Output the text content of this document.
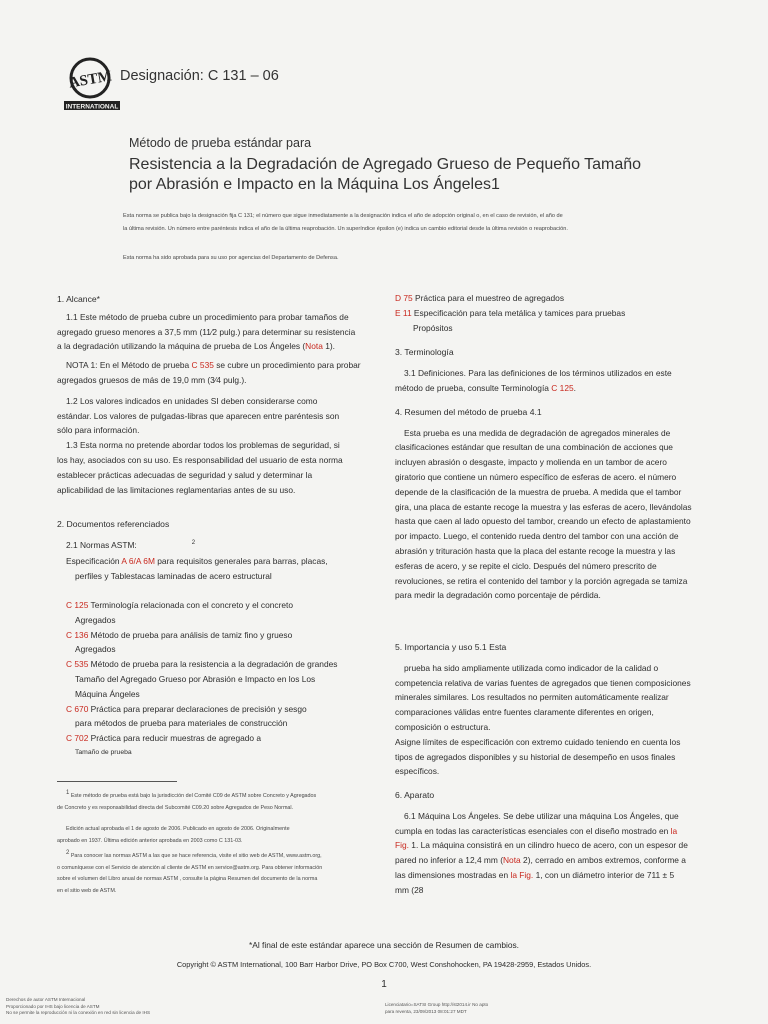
ASTM
INTERNATIONAL
Designación: C 131 – 06
Método de prueba estándar para
Resistencia a la Degradación de Agregado Grueso de Pequeño Tamaño
por Abrasión e Impacto en la Máquina Los Ángeles1
Esta norma se publica bajo la designación fija C 131; el número que sigue inmediatamente a la designación indica el año de adopción original o, en el caso de revisión, el año de
la última revisión. Un número entre paréntesis indica el año de la última reaprobación. Un superíndice épsilon (e) indica un cambio editorial desde la última revisión o reaprobación.
Esta norma ha sido aprobada para su uso por agencias del Departamento de Defensa.
1. Alcance*
1.1 Este método de prueba cubre un procedimiento para probar tamaños de
agregado grueso menores a 37,5 mm (11⁄2 pulg.) para determinar su resistencia
a la degradación utilizando la máquina de prueba de Los Ángeles (Nota 1).
NOTA 1: En el Método de prueba C 535 se cubre un procedimiento para probar
agregados gruesos de más de 19,0 mm (3⁄4 pulg.).
1.2 Los valores indicados en unidades SI deben considerarse como
estándar. Los valores de pulgadas-libras que aparecen entre paréntesis son
sólo para información.
1.3 Esta norma no pretende abordar todos los problemas de seguridad, si
los hay, asociados con su uso. Es responsabilidad del usuario de esta norma
establecer prácticas adecuadas de seguridad y salud y determinar la
aplicabilidad de las limitaciones reglamentarias antes de su uso.
2. Documentos referenciados
2.1 Normas ASTM:	$^2$
Especificación A 6/A 6M para requisitos generales para barras, placas,
perfiles y Tablestacas laminadas de acero estructural
C 125 Terminología relacionada con el concreto y el concreto
Agregados
C 136 Método de prueba para análisis de tamiz fino y grueso
Agregados
C 535 Método de prueba para la resistencia a la degradación de grandes
Tamaño del Agregado Grueso por Abrasión e Impacto en los Los
Máquina Ángeles
C 670 Práctica para preparar declaraciones de precisión y sesgo
para métodos de prueba para materiales de construcción
C 702 Práctica para reducir muestras de agregado a
Tamaño de prueba
$^1$ Este método de prueba está bajo la jurisdicción del Comité C09 de ASTM sobre Concreto y Agregados
de Concreto y es responsabilidad directa del Subcomité C09.20 sobre Agregados de Peso Normal.
Edición actual aprobada el 1 de agosto de 2006. Publicado en agosto de 2006. Originalmente
aprobado en 1937. Última edición anterior aprobada en 2003 como C 131-03.
$^2$ Para conocer las normas ASTM a las que se hace referencia, visite el sitio web de ASTM, www.astm.org,
o comuníquese con el Servicio de atención al cliente de ASTM en service@astm.org. Para obtener información
sobre el volumen del Libro anual de normas ASTM , consulte la página Resumen del documento de la norma
en el sitio web de ASTM.
D 75 Práctica para el muestreo de agregados
E 11 Especificación para tela metálica y tamices para pruebas
Propósitos
3. Terminología
3.1 Definiciones. Para las definiciones de los términos utilizados en este
método de prueba, consulte Terminología C 125.
4. Resumen del método de prueba 4.1
Esta prueba es una medida de degradación de agregados minerales de
clasificaciones estándar que resultan de una combinación de acciones que
incluyen abrasión o desgaste, impacto y molienda en un tambor de acero
giratorio que contiene un número específico de esferas de acero. el número
depende de la clasificación de la muestra de prueba. A medida que el tambor
gira, una placa de estante recoge la muestra y las esferas de acero, llevándolas
hasta que caen al lado opuesto del tambor, creando un efecto de aplastamiento
por impacto. Luego, el contenido rueda dentro del tambor con una acción de
abrasión y trituración hasta que la placa del estante recoge la muestra y las
esferas de acero, y se repite el ciclo. Después del número prescrito de
revoluciones, se retira el contenido del tambor y la porción agregada se tamiza
para medir la degradación como porcentaje de pérdida.
5. Importancia y uso 5.1 Esta
prueba ha sido ampliamente utilizada como indicador de la calidad o
competencia relativa de varias fuentes de agregados que tienen composiciones
minerales similares. Los resultados no permiten automáticamente realizar
comparaciones válidas entre fuentes claramente diferentes en origen,
composición o estructura.
Asigne límites de especificación con extremo cuidado teniendo en cuenta los
tipos de agregados disponibles y su historial de desempeño en usos finales
específicos.
6. Aparato
6.1 Máquina Los Ángeles. Se debe utilizar una máquina Los Ángeles, que
cumpla en todas las características esenciales con el diseño mostrado en la
Fig. 1. La máquina consistirá en un cilindro hueco de acero, con un espesor de
pared no inferior a 12,4 mm (Nota 2), cerrado en ambos extremos, conforme a
las dimensiones mostradas en la Fig. 1, con un diámetro interior de 711 ± 5
mm (28
*Al final de este estándar aparece una sección de Resumen de cambios.
Copyright © ASTM International, 100 Barr Harbor Drive, PO Box C700, West Conshohocken, PA 19428-2959, Estados Unidos.
1
Derechos de autor ASTM Internacional
Proporcionado por IHS bajo licencia de ASTM
No se permite la reproducción ni la conexión en red sin licencia de IHS
Licenciatario=SATSI Group http://st2014.ir No apto
para reventa, 23/09/2013 08:01:27 MDT
